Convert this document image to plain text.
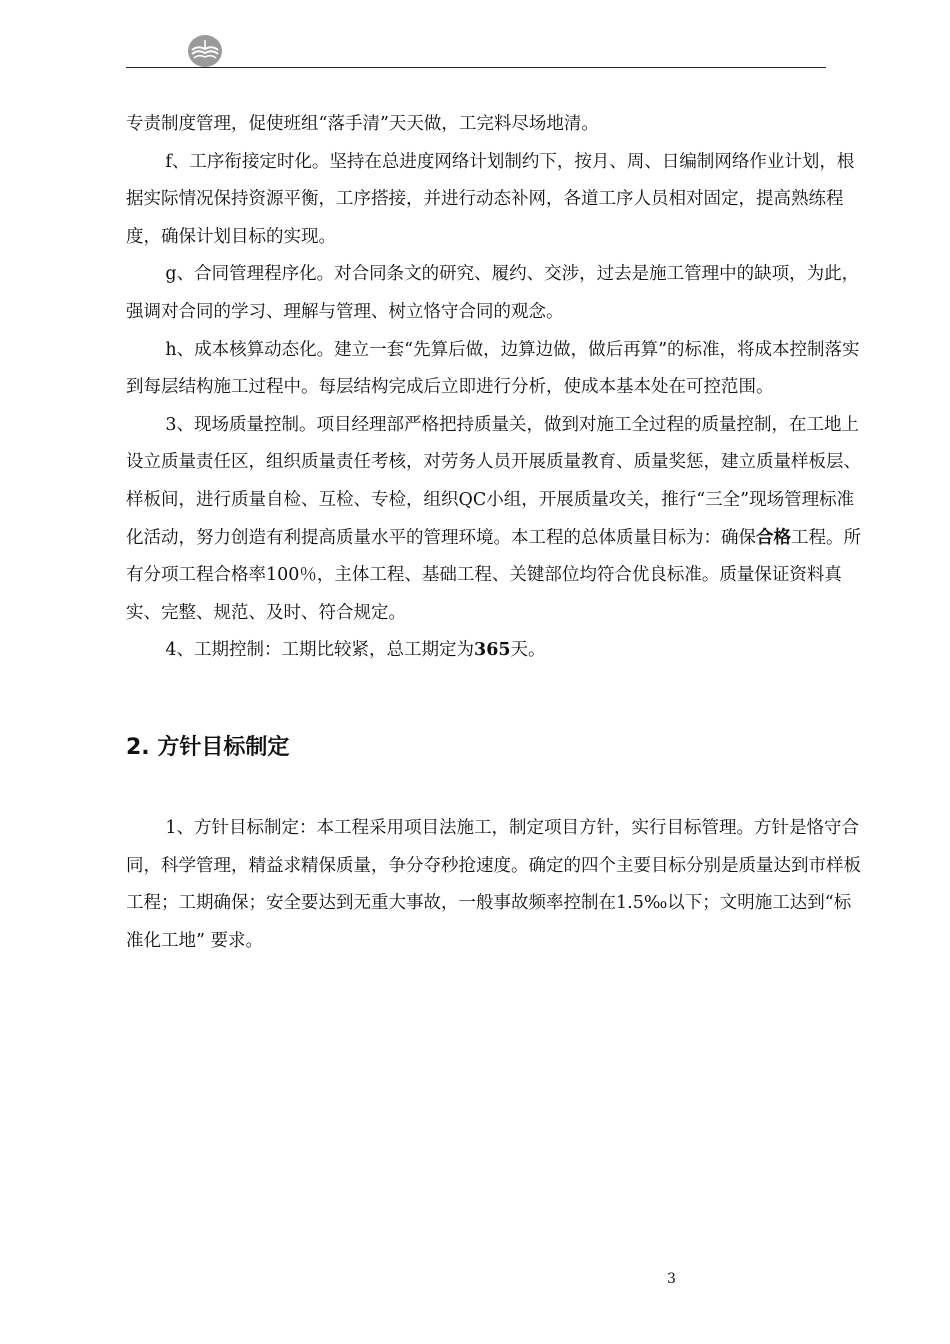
专责制度管理，促使班组“落手清”天天做，工完料尽场地清。

f、工序衔接定时化。坚持在总进度网络计划制约下，按月、周、日编制网络作业计划，根据实际情况保持资源平衡，工序搭接，并进行动态补网，各道工序人员相对固定，提高熟练程度，确保计划目标的实现。

g、合同管理程序化。对合同条文的研究、履约、交涉，过去是施工管理中的缺项，为此，强调对合同的学习、理解与管理、树立恪守合同的观念。

h、成本核算动态化。建立一套“先算后做，边算边做，做后再算”的标准，将成本控制落实到每层结构施工过程中。每层结构完成后立即进行分析，使成本基本处在可控范围。

3、现场质量控制。项目经理部严格把持质量关，做到对施工全过程的质量控制，在工地上设立质量责任区，组织质量责任考核，对劳务人员开展质量教育、质量奖惩，建立质量样板层、样板间，进行质量自检、互检、专检，组织QC小组，开展质量攻关，推行“三全”现场管理标准化活动，努力创造有利提高质量水平的管理环境。本工程的总体质量目标为：确保合格工程。所有分项工程合格率100％，主体工程、基础工程、关键部位均符合优良标准。质量保证资料真实、完整、规范、及时、符合规定。

4、工期控制：工期比较紧，总工期定为365天。

2. 方针目标制定

1、方针目标制定：本工程采用项目法施工，制定项目方针，实行目标管理。方针是恪守合同，科学管理，精益求精保质量，争分夺秒抢速度。确定的四个主要目标分别是质量达到市样板工程；工期确保；安全要达到无重大事故，一般事故频率控制在1.5‰以下；文明施工达到“标准化工地” 要求。

3
